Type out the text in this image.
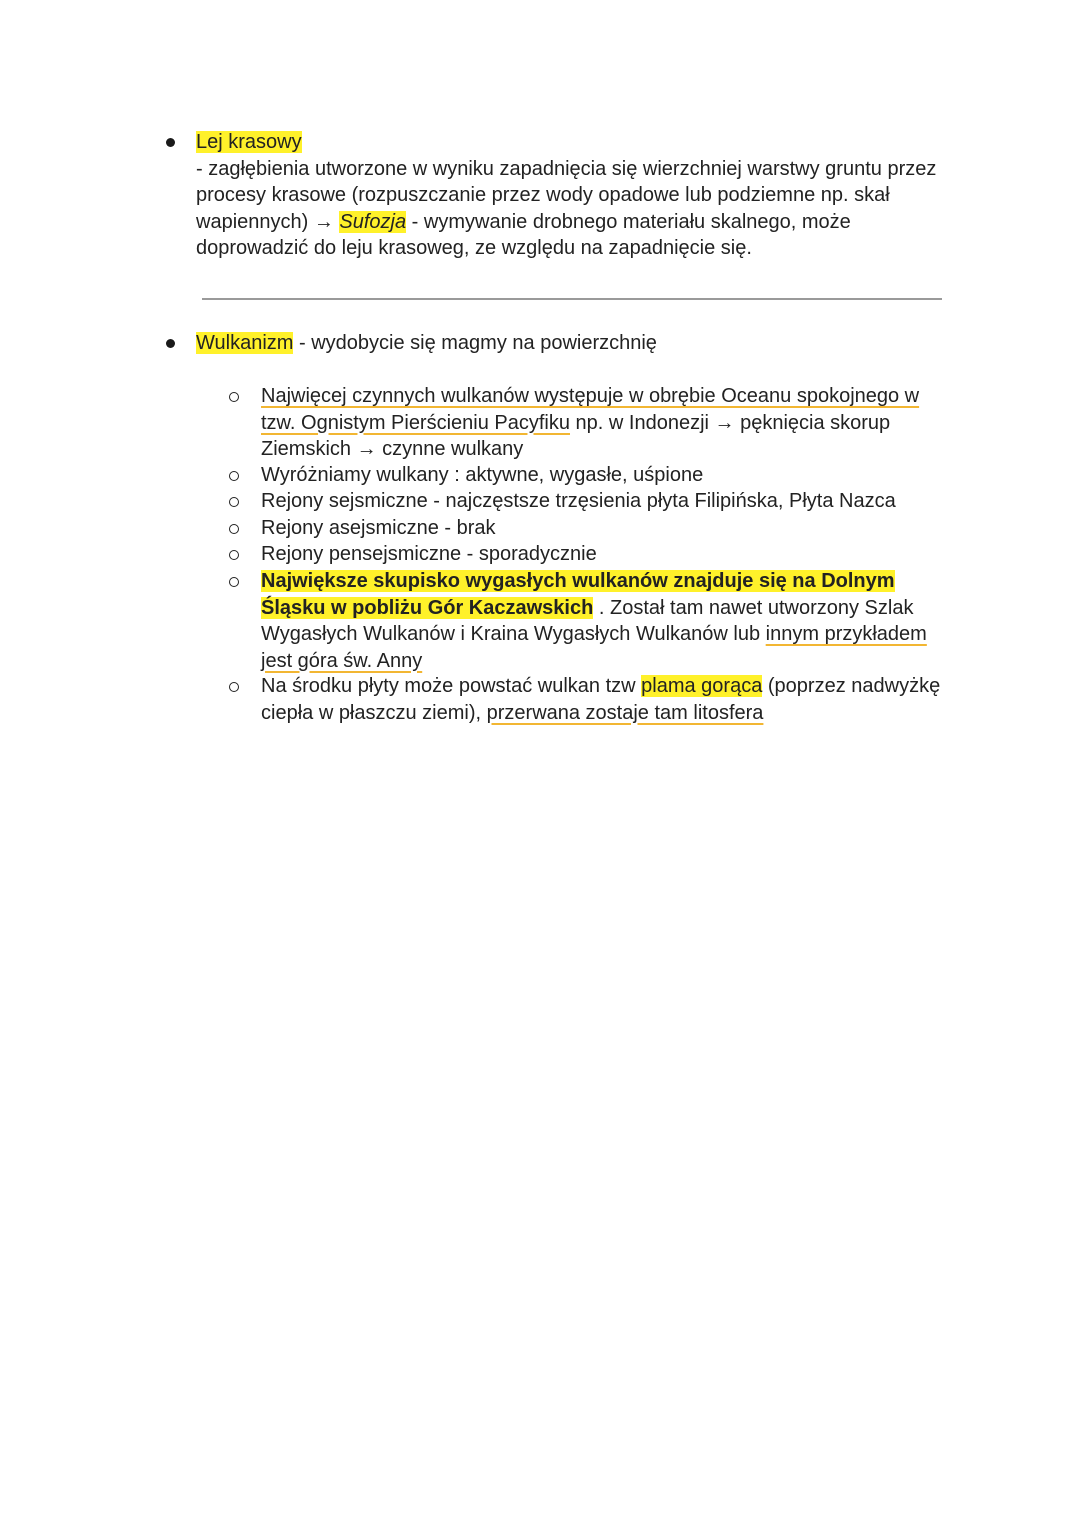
Lej krasowy
- zagłębienia utworzone w wyniku zapadnięcia się wierzchniej warstwy gruntu przez
procesy krasowe (rozpuszczanie przez wody opadowe lub podziemne np. skał
wapiennych) → Sufozja - wymywanie drobnego materiału skalnego, może
doprowadzić do leju krasoweg, ze względu na zapadnięcie się.
Wulkanizm - wydobycie się magmy na powierzchnię
Najwięcej czynnych wulkanów występuje w obrębie Oceanu spokojnego w
tzw. Ognistym Pierścieniu Pacyfiku np. w Indonezji → pęknięcia skorup
Ziemskich → czynne wulkany
Wyróżniamy wulkany : aktywne, wygasłe, uśpione
Rejony sejsmiczne - najczęstsze trzęsienia płyta Filipińska, Płyta Nazca
Rejony asejsmiczne - brak
Rejony pensejsmiczne - sporadycznie
Największe skupisko wygasłych wulkanów znajduje się na Dolnym
Śląsku w pobliżu Gór Kaczawskich . Został tam nawet utworzony Szlak
Wygasłych Wulkanów i Kraina Wygasłych Wulkanów lub innym przykładem
jest góra św. Anny
Na środku płyty może powstać wulkan tzw plama gorąca (poprzez nadwyżkę
ciepła w płaszczu ziemi), przerwana zostaje tam litosfera
